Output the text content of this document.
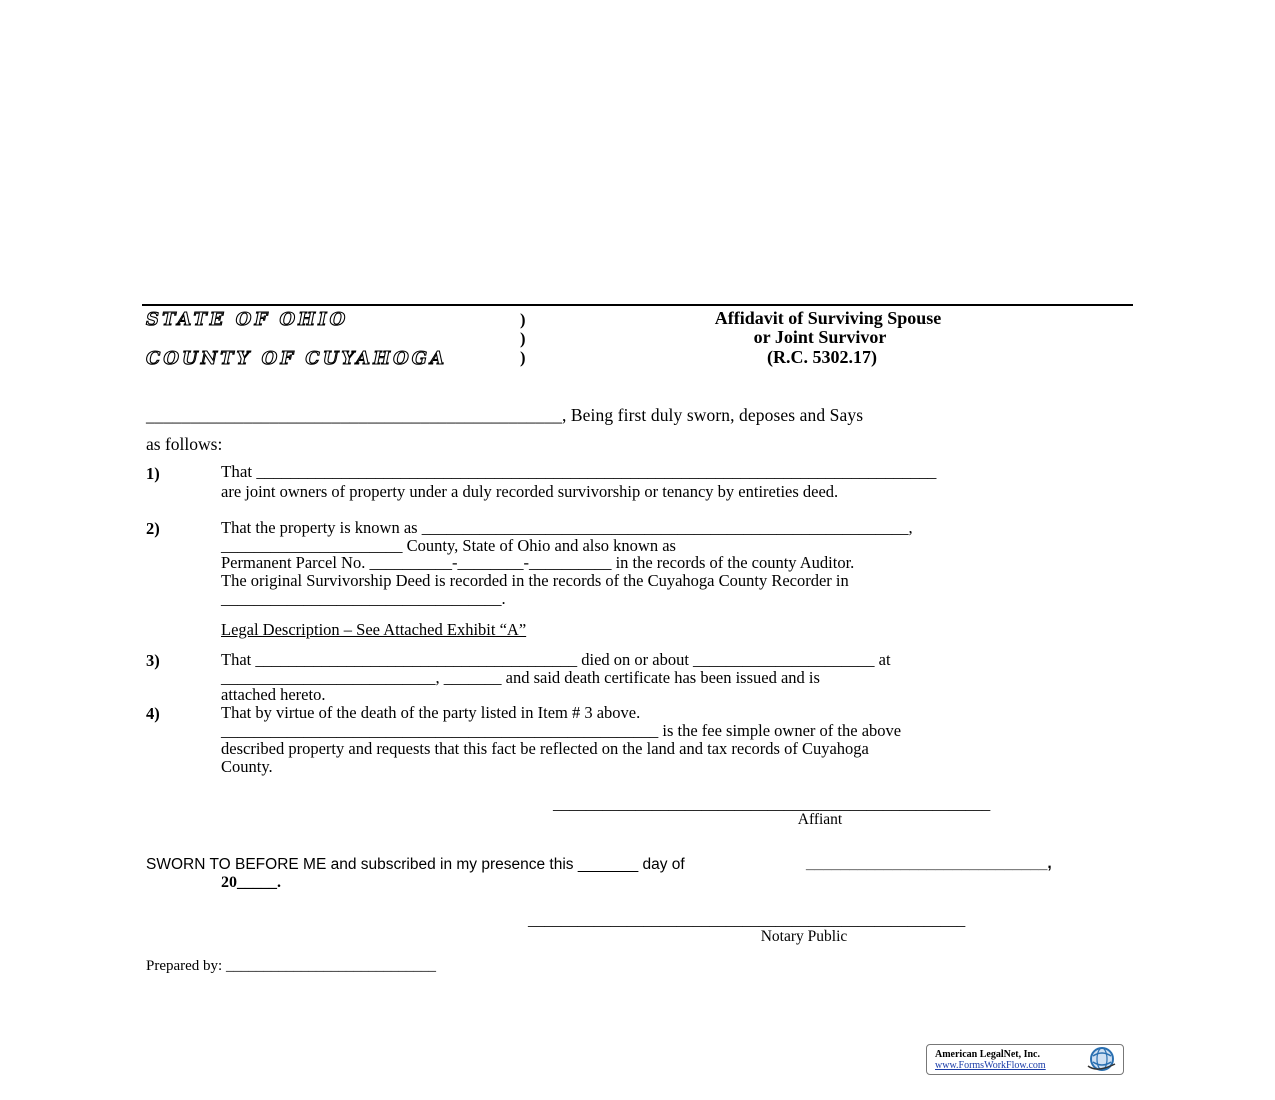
STATE OF OHIO
COUNTY OF CUYAHOGA
)
)
)
Affidavit of Surviving Spouse
or Joint Survivor
(R.C. 5302.17)
_______________________________________________, Being first duly sworn, deposes and Says
as follows:
1)	That ________________________________________________________________________________
are joint owners of property under a duly recorded survivorship or tenancy by entireties deed.
2)	That the property is known as ___________________________________________________________,
______________________ County, State of Ohio and also known as
Permanent Parcel No. __________-________-__________ in the records of the county Auditor.
The original Survivorship Deed is recorded in the records of the Cuyahoga County Recorder in
__________________________________.
Legal Description – See Attached Exhibit “A”
3)	That _______________________________________ died on or about ______________________ at
__________________________, _______ and said death certificate has been issued and is
attached hereto.
4)	That by virtue of the death of the party listed in Item # 3 above.
_____________________________________________________ is the fee simple owner of the above
described property and requests that this fact be reflected on the land and tax records of Cuyahoga
County.
_____________________________________________________
Affiant
SWORN TO BEFORE ME and subscribed in my presence this _______ day of	____________________________,
20_____.
_____________________________________________________
Notary Public
Prepared by: ____________________________
American LegalNet, Inc.
www.FormsWorkFlow.com
